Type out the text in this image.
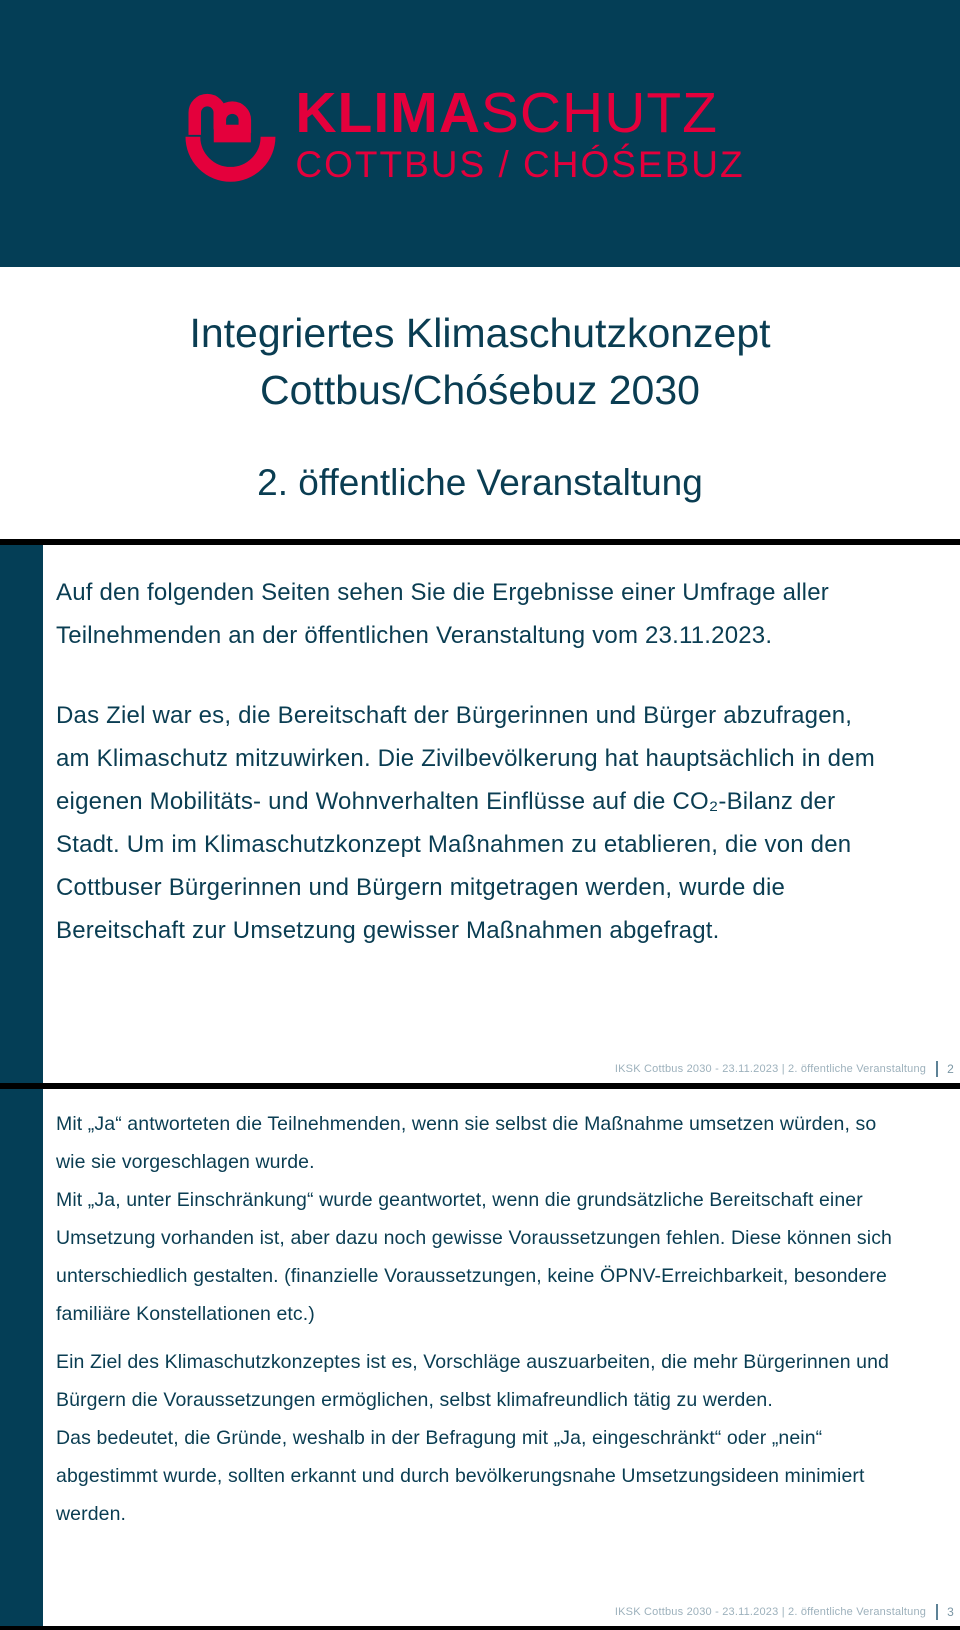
KLIMASCHUTZ
COTTBUS / CHÓŚEBUZ
Integriertes Klimaschutzkonzept
Cottbus/Chóśebuz 2030
2. öffentliche Veranstaltung

Auf den folgenden Seiten sehen Sie die Ergebnisse einer Umfrage aller Teilnehmenden an der öffentlichen Veranstaltung vom 23.11.2023.

Das Ziel war es, die Bereitschaft der Bürgerinnen und Bürger abzufragen, am Klimaschutz mitzuwirken. Die Zivilbevölkerung hat hauptsächlich in dem eigenen Mobilitäts- und Wohnverhalten Einflüsse auf die CO₂-Bilanz der Stadt. Um im Klimaschutzkonzept Maßnahmen zu etablieren, die von den Cottbuser Bürgerinnen und Bürgern mitgetragen werden, wurde die Bereitschaft zur Umsetzung gewisser Maßnahmen abgefragt.

IKSK Cottbus 2030 - 23.11.2023 | 2. öffentliche Veranstaltung 2

Mit „Ja“ antworteten die Teilnehmenden, wenn sie selbst die Maßnahme umsetzen würden, so wie sie vorgeschlagen wurde.

Mit „Ja, unter Einschränkung“ wurde geantwortet, wenn die grundsätzliche Bereitschaft einer Umsetzung vorhanden ist, aber dazu noch gewisse Voraussetzungen fehlen. Diese können sich unterschiedlich gestalten. (finanzielle Voraussetzungen, keine ÖPNV-Erreichbarkeit, besondere familiäre Konstellationen etc.)

Ein Ziel des Klimaschutzkonzeptes ist es, Vorschläge auszuarbeiten, die mehr Bürgerinnen und Bürgern die Voraussetzungen ermöglichen, selbst klimafreundlich tätig zu werden.

Das bedeutet, die Gründe, weshalb in der Befragung mit „Ja, eingeschränkt“ oder „nein“ abgestimmt wurde, sollten erkannt und durch bevölkerungsnahe Umsetzungsideen minimiert werden.

IKSK Cottbus 2030 - 23.11.2023 | 2. öffentliche Veranstaltung 3
